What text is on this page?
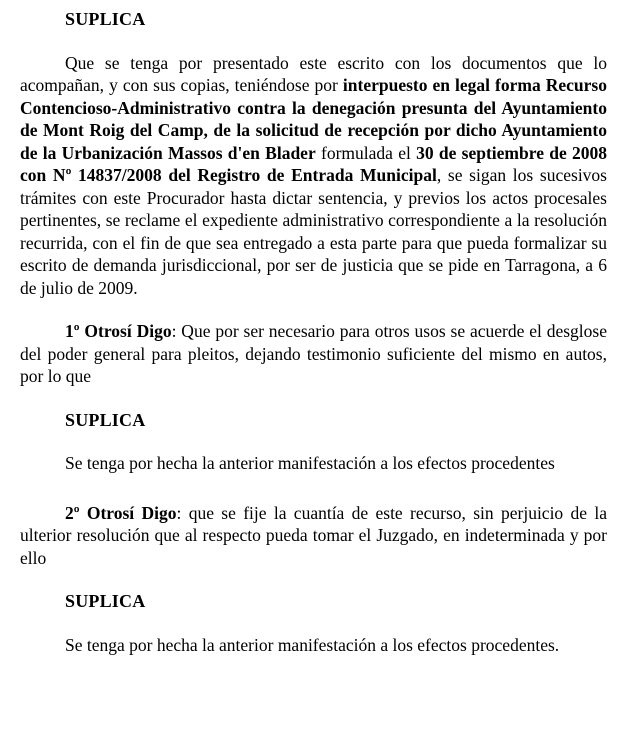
SUPLICA

Que se tenga por presentado este escrito con los documentos que lo acompañan, y con sus copias, teniéndose por interpuesto en legal forma Recurso Contencioso-Administrativo contra la denegación presunta del Ayuntamiento de Mont Roig del Camp, de la solicitud de recepción por dicho Ayuntamiento de la Urbanización Massos d'en Blader formulada el 30 de septiembre de 2008 con Nº 14837/2008 del Registro de Entrada Municipal, se sigan los sucesivos trámites con este Procurador hasta dictar sentencia, y previos los actos procesales pertinentes, se reclame el expediente administrativo correspondiente a la resolución recurrida, con el fin de que sea entregado a esta parte para que pueda formalizar su escrito de demanda jurisdiccional, por ser de justicia que se pide en Tarragona, a 6 de julio de 2009.

1º Otrosí Digo: Que por ser necesario para otros usos se acuerde el desglose del poder general para pleitos, dejando testimonio suficiente del mismo en autos, por lo que

SUPLICA

Se tenga por hecha la anterior manifestación a los efectos procedentes

2º Otrosí Digo: que se fije la cuantía de este recurso, sin perjuicio de la ulterior resolución que al respecto pueda tomar el Juzgado, en indeterminada y por ello

SUPLICA

Se tenga por hecha la anterior manifestación a los efectos procedentes.
